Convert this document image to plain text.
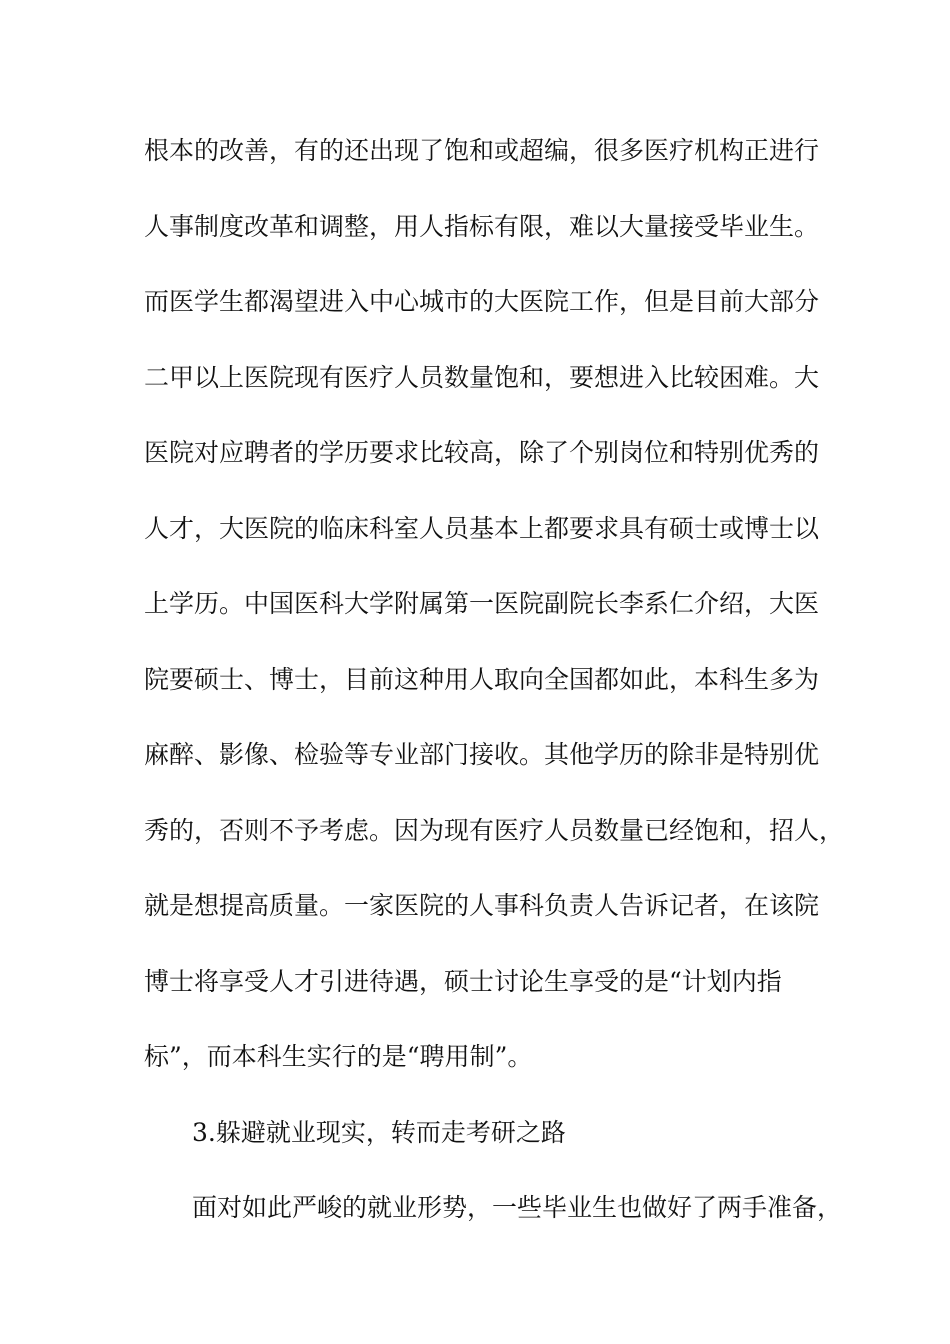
根本的改善，有的还出现了饱和或超编，很多医疗机构正进行
人事制度改革和调整，用人指标有限，难以大量接受毕业生。
而医学生都渴望进入中心城市的大医院工作，但是目前大部分
二甲以上医院现有医疗人员数量饱和，要想进入比较困难。大
医院对应聘者的学历要求比较高，除了个别岗位和特别优秀的
人才，大医院的临床科室人员基本上都要求具有硕士或博士以
上学历。中国医科大学附属第一医院副院长李系仁介绍，大医
院要硕士、博士，目前这种用人取向全国都如此，本科生多为
麻醉、影像、检验等专业部门接收。其他学历的除非是特别优
秀的，否则不予考虑。因为现有医疗人员数量已经饱和，招人，
就是想提高质量。一家医院的人事科负责人告诉记者，在该院
博士将享受人才引进待遇，硕士讨论生享受的是“计划内指
标”，而本科生实行的是“聘用制”。
3.躲避就业现实，转而走考研之路
面对如此严峻的就业形势，一些毕业生也做好了两手准备，
